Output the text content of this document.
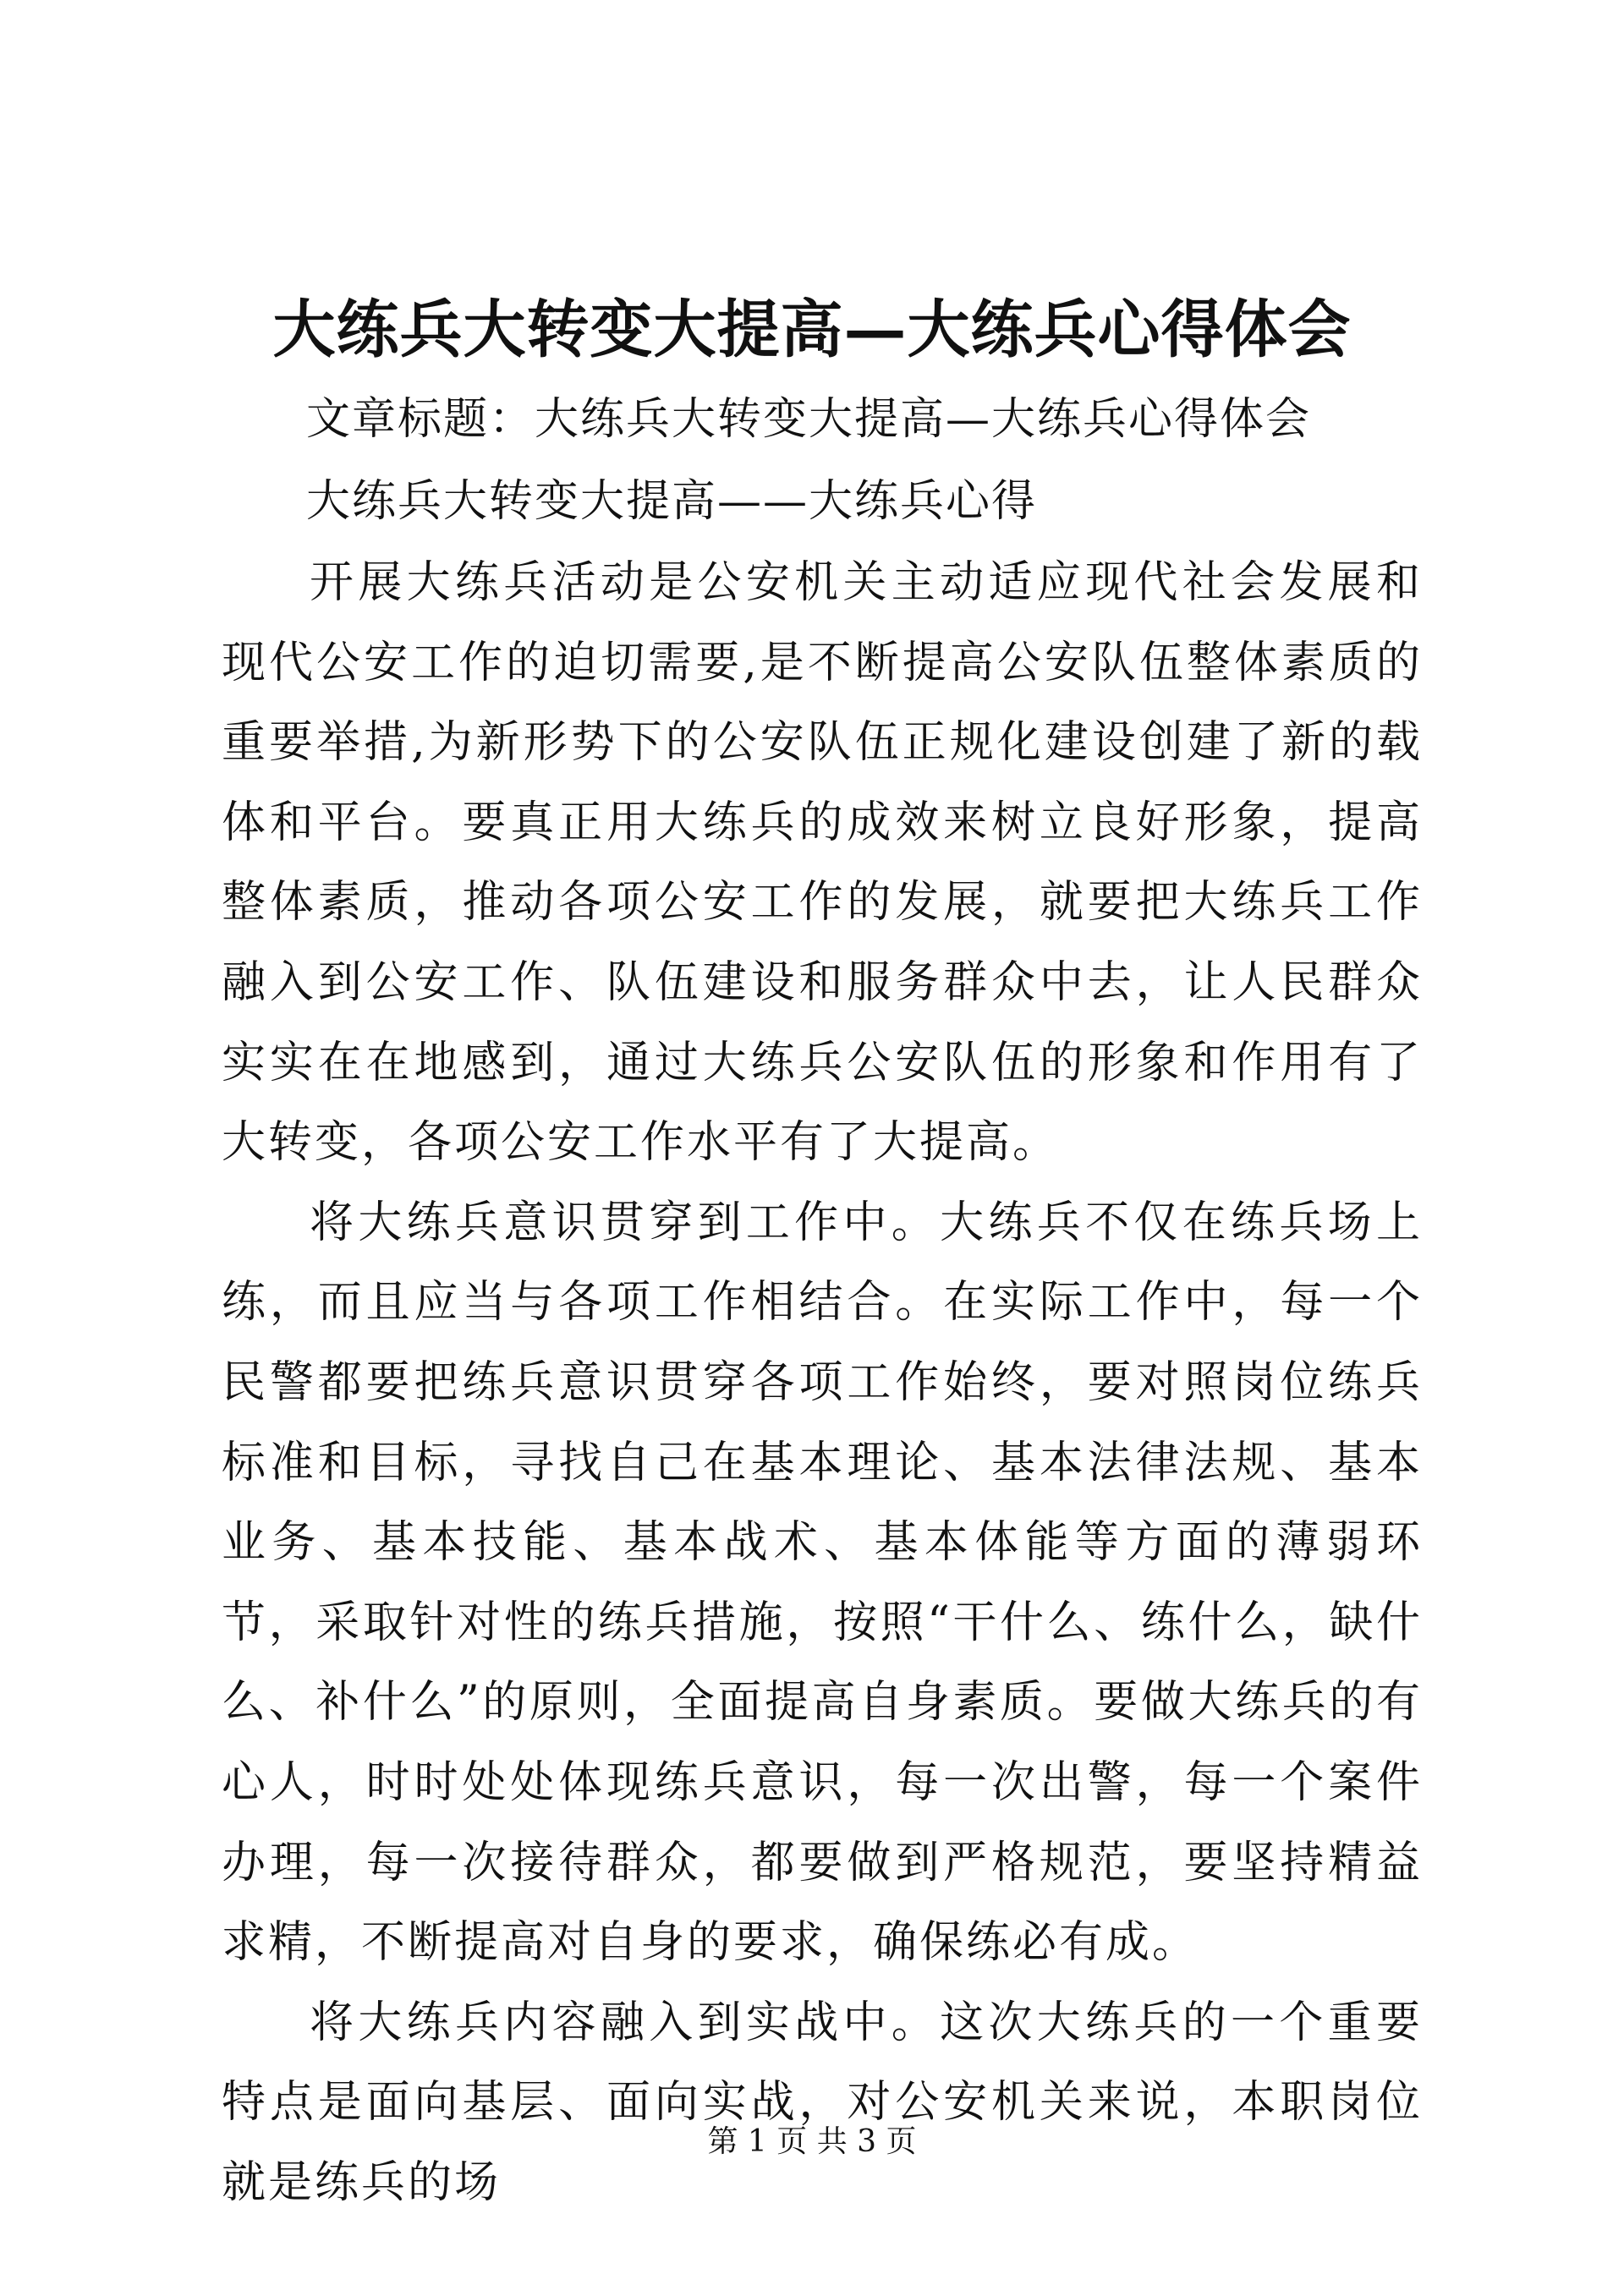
大练兵大转变大提高—大练兵心得体会
文章标题：大练兵大转变大提高—大练兵心得体会
大练兵大转变大提高——大练兵心得

开展大练兵活动是公安机关主动适应现代社会发展和现代公安工作的迫切需要,是不断提高公安队伍整体素质的重要举措,为新形势下的公安队伍正规化建设创建了新的载体和平台。要真正用大练兵的成效来树立良好形象，提高整体素质，推动各项公安工作的发展，就要把大练兵工作融入到公安工作、队伍建设和服务群众中去，让人民群众实实在在地感到，通过大练兵公安队伍的形象和作用有了大转变，各项公安工作水平有了大提高。

将大练兵意识贯穿到工作中。大练兵不仅在练兵场上练，而且应当与各项工作相结合。在实际工作中，每一个民警都要把练兵意识贯穿各项工作始终，要对照岗位练兵标准和目标，寻找自己在基本理论、基本法律法规、基本业务、基本技能、基本战术、基本体能等方面的薄弱环节，采取针对性的练兵措施，按照“干什么、练什么，缺什么、补什么”的原则，全面提高自身素质。要做大练兵的有心人，时时处处体现练兵意识，每一次出警，每一个案件办理，每一次接待群众，都要做到严格规范，要坚持精益求精，不断提高对自身的要求，确保练必有成。

将大练兵内容融入到实战中。这次大练兵的一个重要特点是面向基层、面向实战，对公安机关来说，本职岗位就是练兵的场

第 1 页 共 3 页
